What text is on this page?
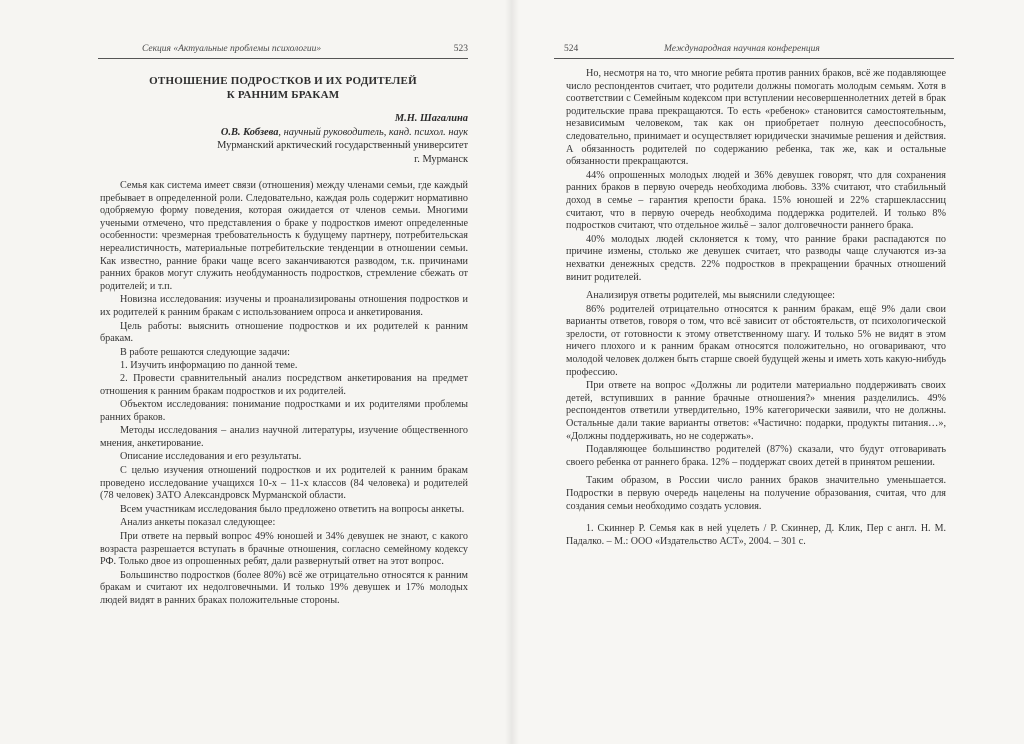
Секция «Актуальные проблемы психологии»	523	524	Международная научная конференция
ОТНОШЕНИЕ ПОДРОСТКОВ И ИХ РОДИТЕЛЕЙ
К РАННИМ БРАКАМ
М.Н. Шагалина
О.В. Кобзева, научный руководитель, канд. психол. наук
Мурманский арктический государственный университет
г. Мурманск

Семья как система имеет связи (отношения) между членами семьи, где каждый пребывает в определенной роли. Следовательно, каждая роль содержит нормативно одобряемую форму поведения, которая ожидается от членов семьи. Многими учеными отмечено, что представления о браке у подростков имеют определенные особенности: чрезмерная требовательность к будущему партнеру, потребительская нереалистичность, материальные потребительские тенденции в отношении семьи. Как известно, ранние браки чаще всего заканчиваются разводом, т.к. причинами ранних браков могут служить необдуманность подростков, стремление сбежать от родителей; и т.п.

Новизна исследования: изучены и проанализированы отношения подростков и их родителей к ранним бракам с использованием опроса и анкетирования.

Цель работы: выяснить отношение подростков и их родителей к ранним бракам.

В работе решаются следующие задачи:

1. Изучить информацию по данной теме.

2. Провести сравнительный анализ посредством анкетирования на предмет отношения к ранним бракам подростков и их родителей.

Объектом исследования: понимание подростками и их родителями проблемы ранних браков.

Методы исследования – анализ научной литературы, изучение общественного мнения, анкетирование.

Описание исследования и его результаты.

С целью изучения отношений подростков и их родителей к ранним бракам проведено исследование учащихся 10-х – 11-х классов (84 человека) и родителей (78 человек) ЗАТО Александровск Мурманской области.

Всем участникам исследования было предложено ответить на вопросы анкеты.

Анализ анкеты показал следующее:

При ответе на первый вопрос 49% юношей и 34% девушек не знают, с какого возраста разрешается вступать в брачные отношения, согласно семейному кодексу РФ. Только двое из опрошенных ребят, дали развернутый ответ на этот вопрос.

Большинство подростков (более 80%) всё же отрицательно относятся к ранним бракам и считают их недолговечными. И только 19% девушек и 17% молодых людей видят в ранних браках положительные стороны.

Но, несмотря на то, что многие ребята против ранних браков, всё же подавляющее число респондентов считает, что родители должны помогать молодым семьям. Хотя в соответствии с Семейным кодексом при вступлении несовершеннолетних детей в брак родительские права прекращаются. То есть «ребенок» становится самостоятельным, независимым человеком, так как он приобретает полную дееспособность, следовательно, принимает и осуществляет юридически значимые решения и действия. А обязанность родителей по содержанию ребенка, так же, как и остальные обязанности прекращаются.

44% опрошенных молодых людей и 36% девушек говорят, что для сохранения ранних браков в первую очередь необходима любовь. 33% считают, что стабильный доход в семье – гарантия крепости брака. 15% юношей и 22% старшеклассниц считают, что в первую очередь необходима поддержка родителей. И только 8% подростков считают, что отдельное жильё – залог долговечности раннего брака.

40% молодых людей склоняется к тому, что ранние браки распадаются по причине измены, столько же девушек считает, что разводы чаще случаются из-за нехватки денежных средств. 22% подростков в прекращении брачных отношений винит родителей.

Анализируя ответы родителей, мы выяснили следующее:

86% родителей отрицательно относятся к ранним бракам, ещё 9% дали свои варианты ответов, говоря о том, что всё зависит от обстоятельств, от психологической зрелости, от готовности к этому ответственному шагу. И только 5% не видят в этом ничего плохого и к ранним бракам относятся положительно, но оговаривают, что молодой человек должен быть старше своей будущей жены и иметь хоть какую-нибудь профессию.

При ответе на вопрос «Должны ли родители материально поддерживать своих детей, вступивших в ранние брачные отношения?» мнения разделились. 49% респондентов ответили утвердительно, 19% категорически заявили, что не должны. Остальные дали такие варианты ответов: «Частично: подарки, продукты питания…», «Должны поддерживать, но не содержать».

Подавляющее большинство родителей (87%) сказали, что будут отговаривать своего ребенка от раннего брака. 12% – поддержат своих детей в принятом решении.

Таким образом, в России число ранних браков значительно уменьшается. Подростки в первую очередь нацелены на получение образования, считая, что для создания семьи необходимо создать условия.

1. Скиннер Р. Семья как в ней уцелеть / Р. Скиннер, Д. Клик, Пер с англ. Н. М. Падалко. – М.: ООО «Издательство АСТ», 2004. – 301 с.
